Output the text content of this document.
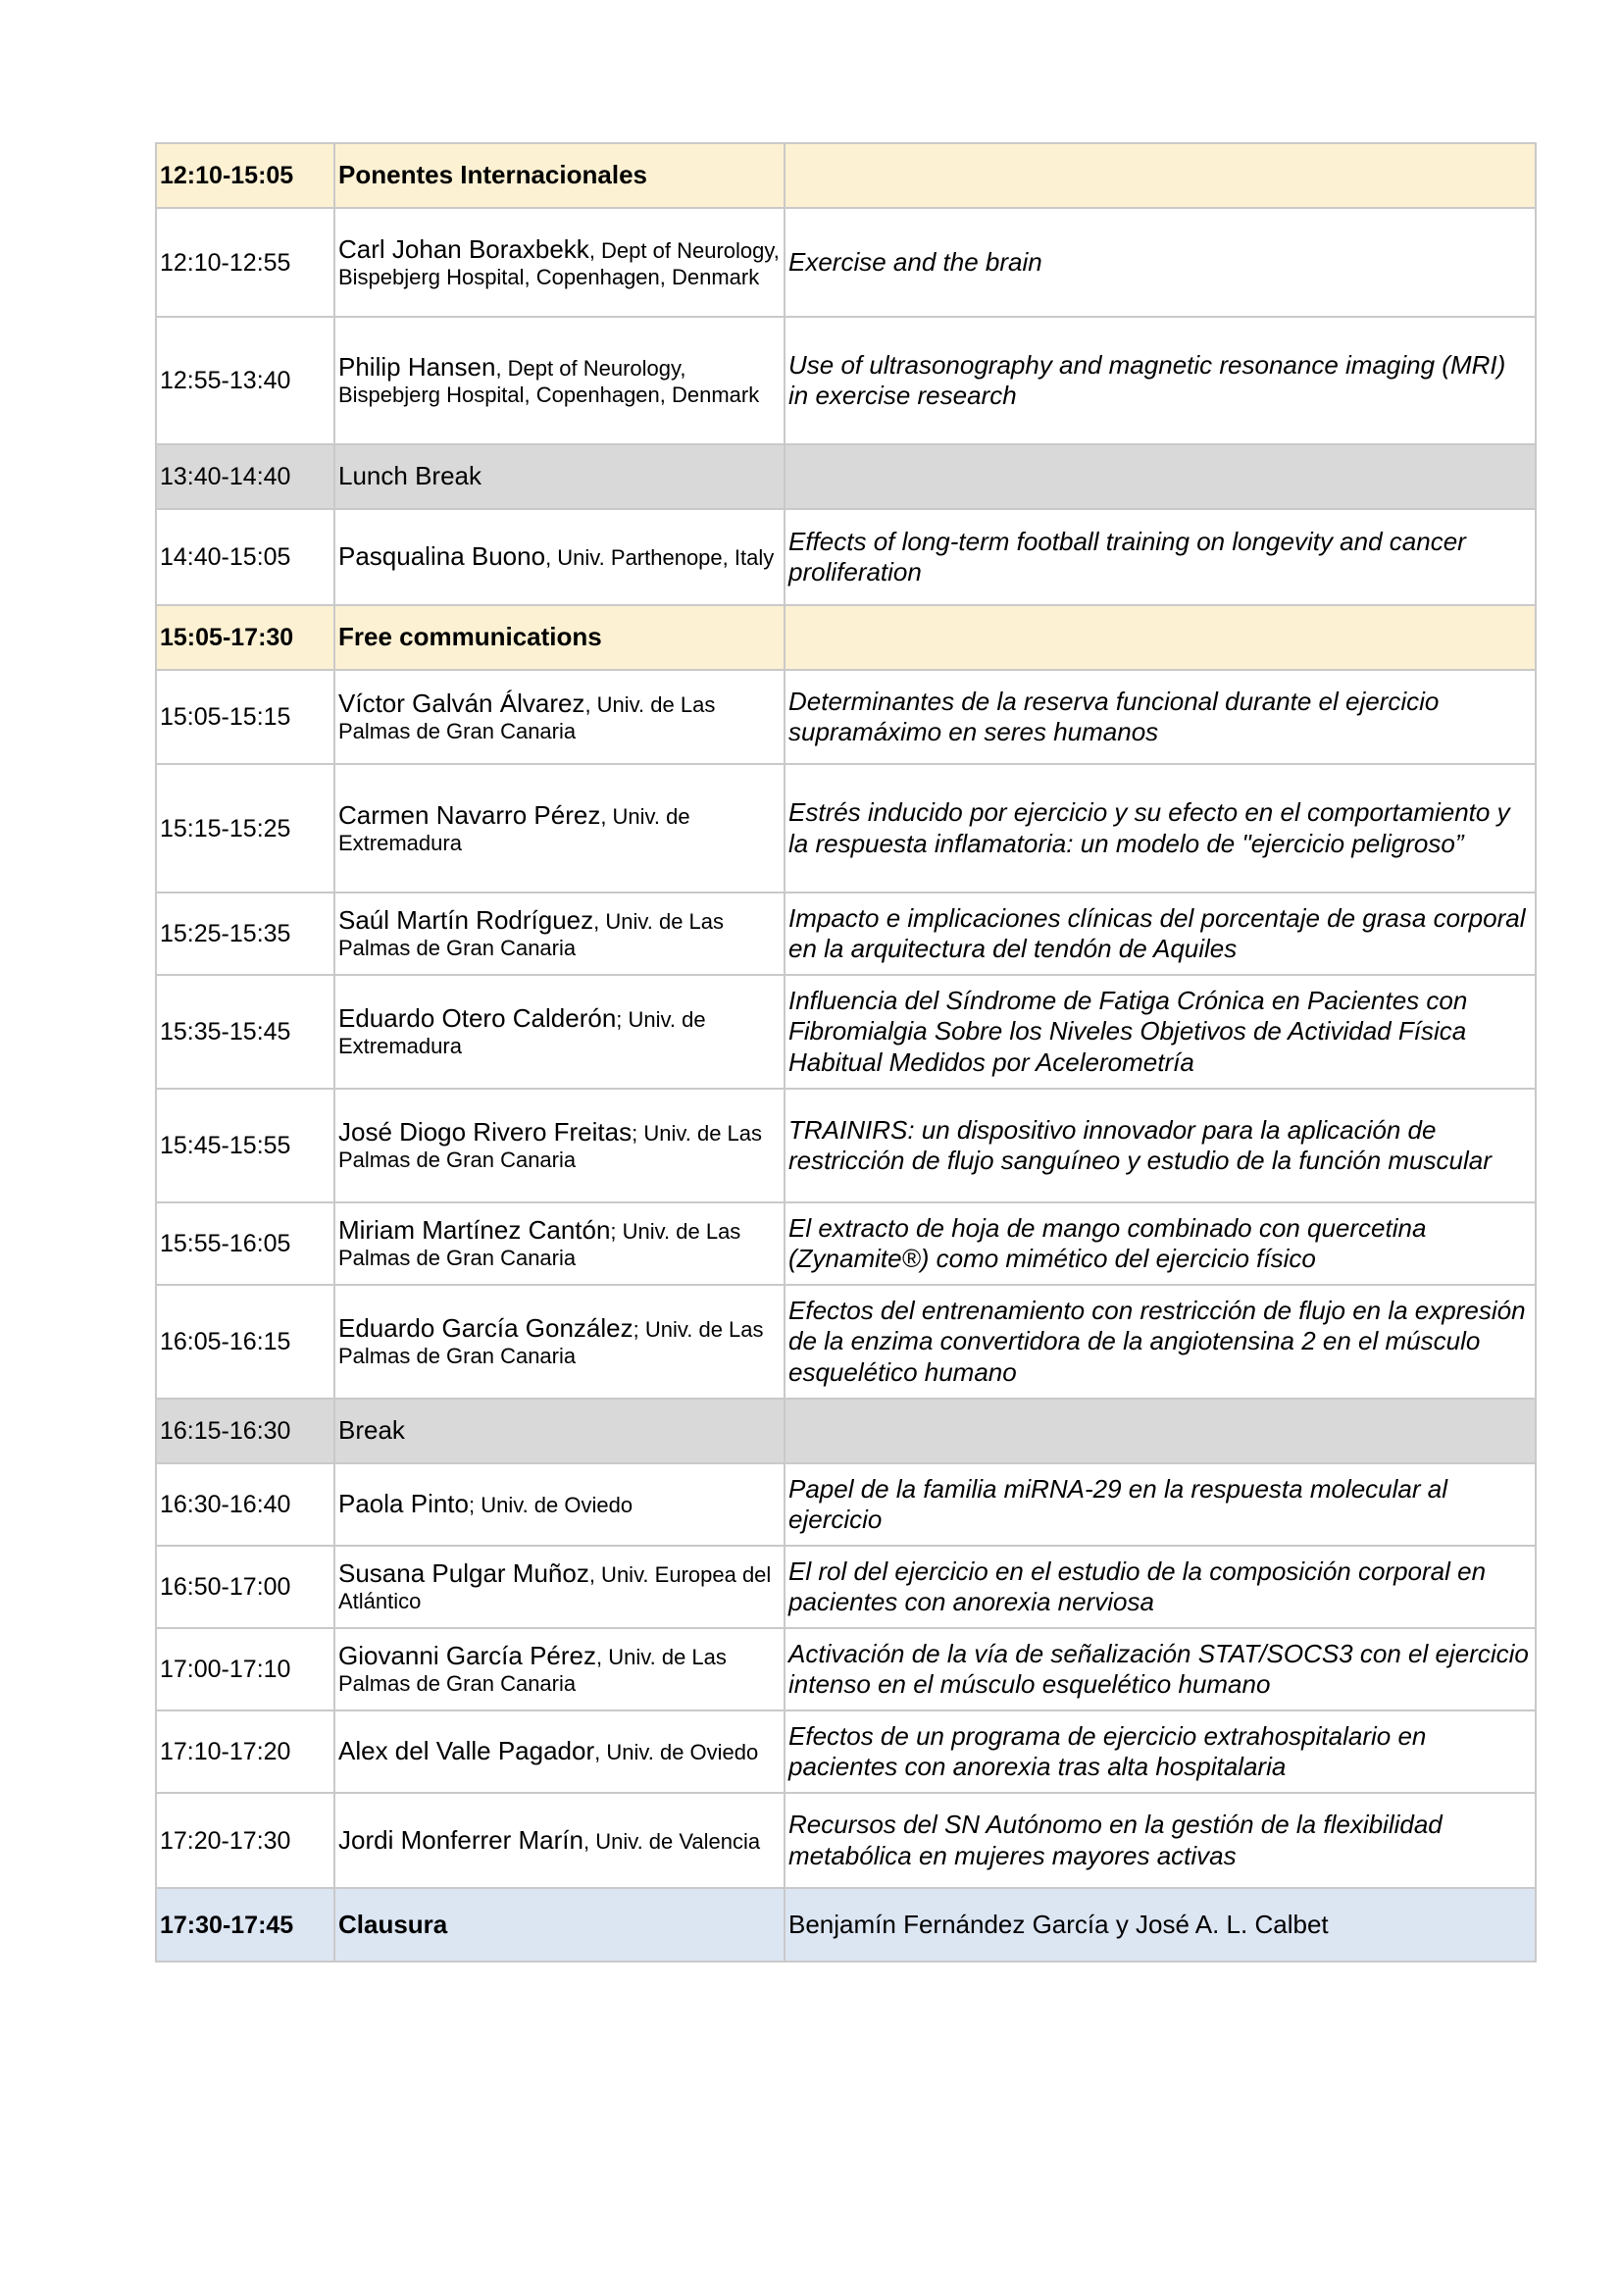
12:10-15:05	Ponentes Internacionales	
12:10-12:55	Carl Johan Boraxbekk, Dept of Neurology, Bispebjerg Hospital, Copenhagen, Denmark	Exercise and the brain
12:55-13:40	Philip Hansen, Dept of Neurology, Bispebjerg Hospital, Copenhagen, Denmark	Use of ultrasonography and magnetic resonance imaging (MRI) in exercise research
13:40-14:40	Lunch Break	
14:40-15:05	Pasqualina Buono, Univ. Parthenope, Italy	Effects of long-term football training on longevity and cancer proliferation
15:05-17:30	Free communications	
15:05-15:15	Víctor Galván Álvarez, Univ. de Las Palmas de Gran Canaria	Determinantes de la reserva funcional durante el ejercicio supramáximo en seres humanos
15:15-15:25	Carmen Navarro Pérez, Univ. de Extremadura	Estrés inducido por ejercicio y su efecto en el comportamiento y la respuesta inflamatoria: un modelo de "ejercicio peligroso”
15:25-15:35	Saúl Martín Rodríguez, Univ. de Las Palmas de Gran Canaria	Impacto e implicaciones clínicas del porcentaje de grasa corporal en la arquitectura del tendón de Aquiles
15:35-15:45	Eduardo Otero Calderón; Univ. de Extremadura	Influencia del Síndrome de Fatiga Crónica en Pacientes con Fibromialgia Sobre los Niveles Objetivos de Actividad Física Habitual Medidos por Acelerometría
15:45-15:55	José Diogo Rivero Freitas; Univ. de Las Palmas de Gran Canaria	TRAINIRS: un dispositivo innovador para la aplicación de restricción de flujo sanguíneo y estudio de la función muscular
15:55-16:05	Miriam Martínez Cantón; Univ. de Las Palmas de Gran Canaria	El extracto de hoja de mango combinado con quercetina (Zynamite®) como mimético del ejercicio físico
16:05-16:15	Eduardo García González; Univ. de Las Palmas de Gran Canaria	Efectos del entrenamiento con restricción de flujo en la expresión de la enzima convertidora de la angiotensina 2 en el músculo esquelético humano
16:15-16:30	Break	
16:30-16:40	Paola Pinto; Univ. de Oviedo	Papel de la familia miRNA-29 en la respuesta molecular al ejercicio
16:50-17:00	Susana Pulgar Muñoz, Univ. Europea del Atlántico	El rol del ejercicio en el estudio de la composición corporal en pacientes con anorexia nerviosa
17:00-17:10	Giovanni García Pérez, Univ. de Las Palmas de Gran Canaria	Activación de la vía de señalización STAT/SOCS3 con el ejercicio intenso en el músculo esquelético humano
17:10-17:20	Alex del Valle Pagador, Univ. de Oviedo	Efectos de un programa de ejercicio extrahospitalario en pacientes con anorexia tras alta hospitalaria
17:20-17:30	Jordi Monferrer Marín, Univ. de Valencia	Recursos del SN Autónomo en la gestión de la flexibilidad metabólica en mujeres mayores activas
17:30-17:45	Clausura	Benjamín Fernández García y José A. L. Calbet
